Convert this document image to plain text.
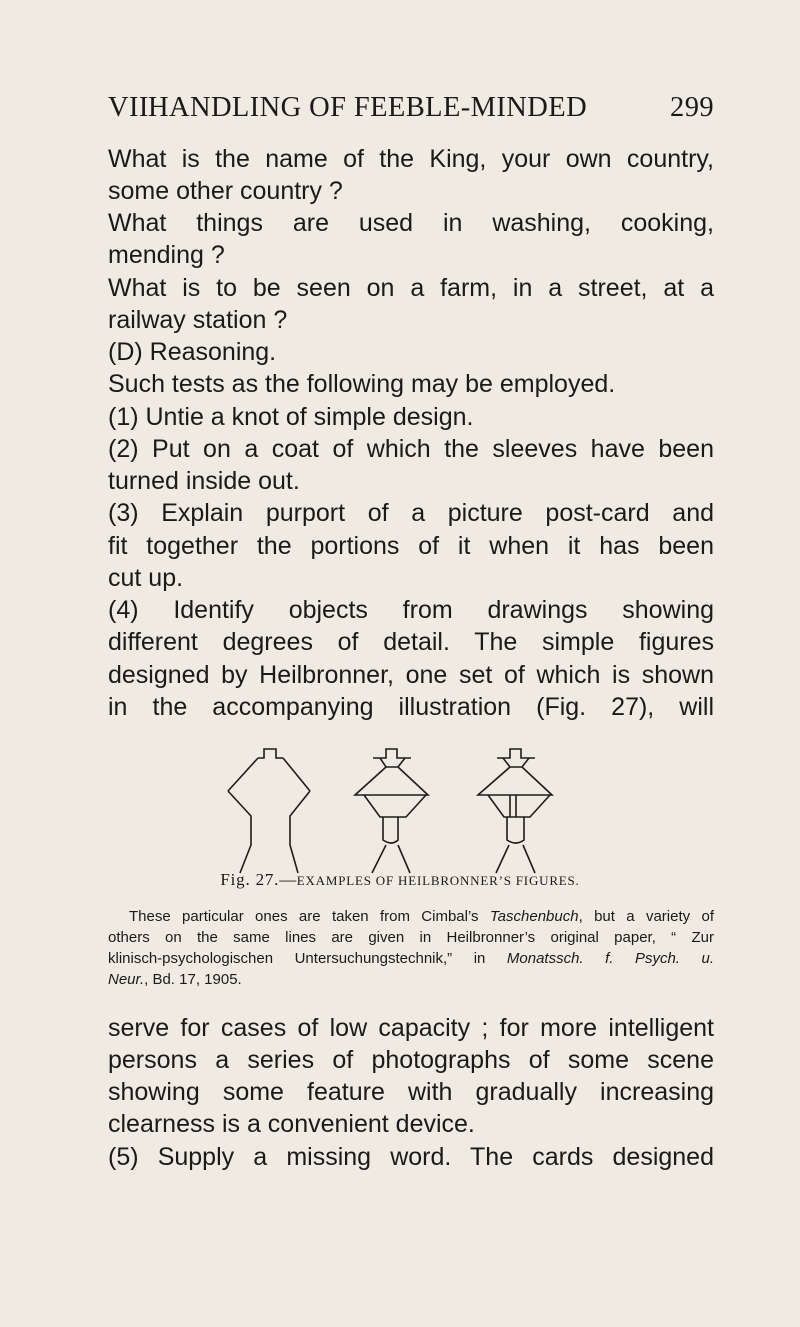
VII HANDLING OF FEEBLE-MINDED	299
What is the name of the King, your own country,
some other country ?
What things are used in washing, cooking,
mending ?
What is to be seen on a farm, in a street, at a
railway station ?
(D) Reasoning.
Such tests as the following may be employed.
(1) Untie a knot of simple design.
(2) Put on a coat of which the sleeves have been
turned inside out.
(3) Explain purport of a picture post-card and
fit together the portions of it when it has been
cut up.
(4) Identify objects from drawings showing
different degrees of detail. The simple figures
designed by Heilbronner, one set of which is shown
in the accompanying illustration (Fig. 27), will
Fig. 27.—EXAMPLES OF HEILBRONNER’S FIGURES.
These particular ones are taken from Cimbal’s Taschenbuch, but a variety of
others on the same lines are given in Heilbronner’s original paper, “ Zur
klinisch-psychologischen Untersuchungstechnik,” in Monatssch. f. Psych. u.
Neur., Bd. 17, 1905.
serve for cases of low capacity ; for more intelligent
persons a series of photographs of some scene
showing some feature with gradually increasing
clearness is a convenient device.
(5) Supply a missing word. The cards designed
